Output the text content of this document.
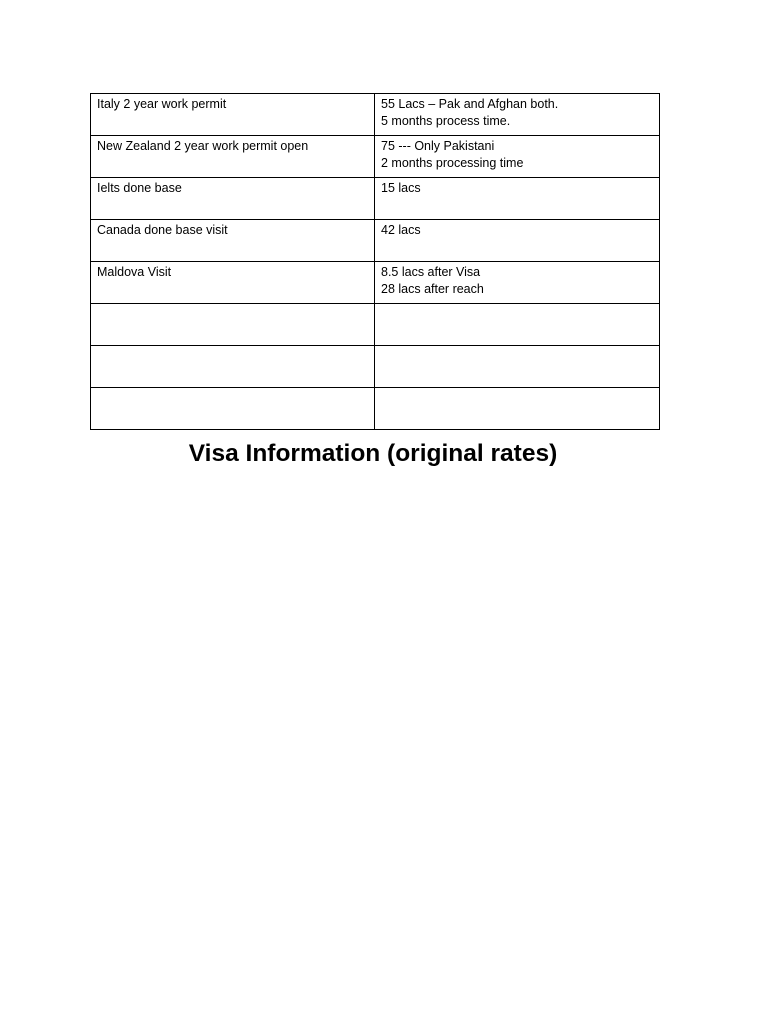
Italy 2 year work permit	55 Lacs – Pak and Afghan both.
5 months process time.

New Zealand 2 year work permit open	75 --- Only Pakistani
2 months processing time

Ielts done base	15 lacs

Canada done base visit	42 lacs

Maldova Visit	8.5 lacs after Visa
28 lacs after reach

Visa Information (original rates)
